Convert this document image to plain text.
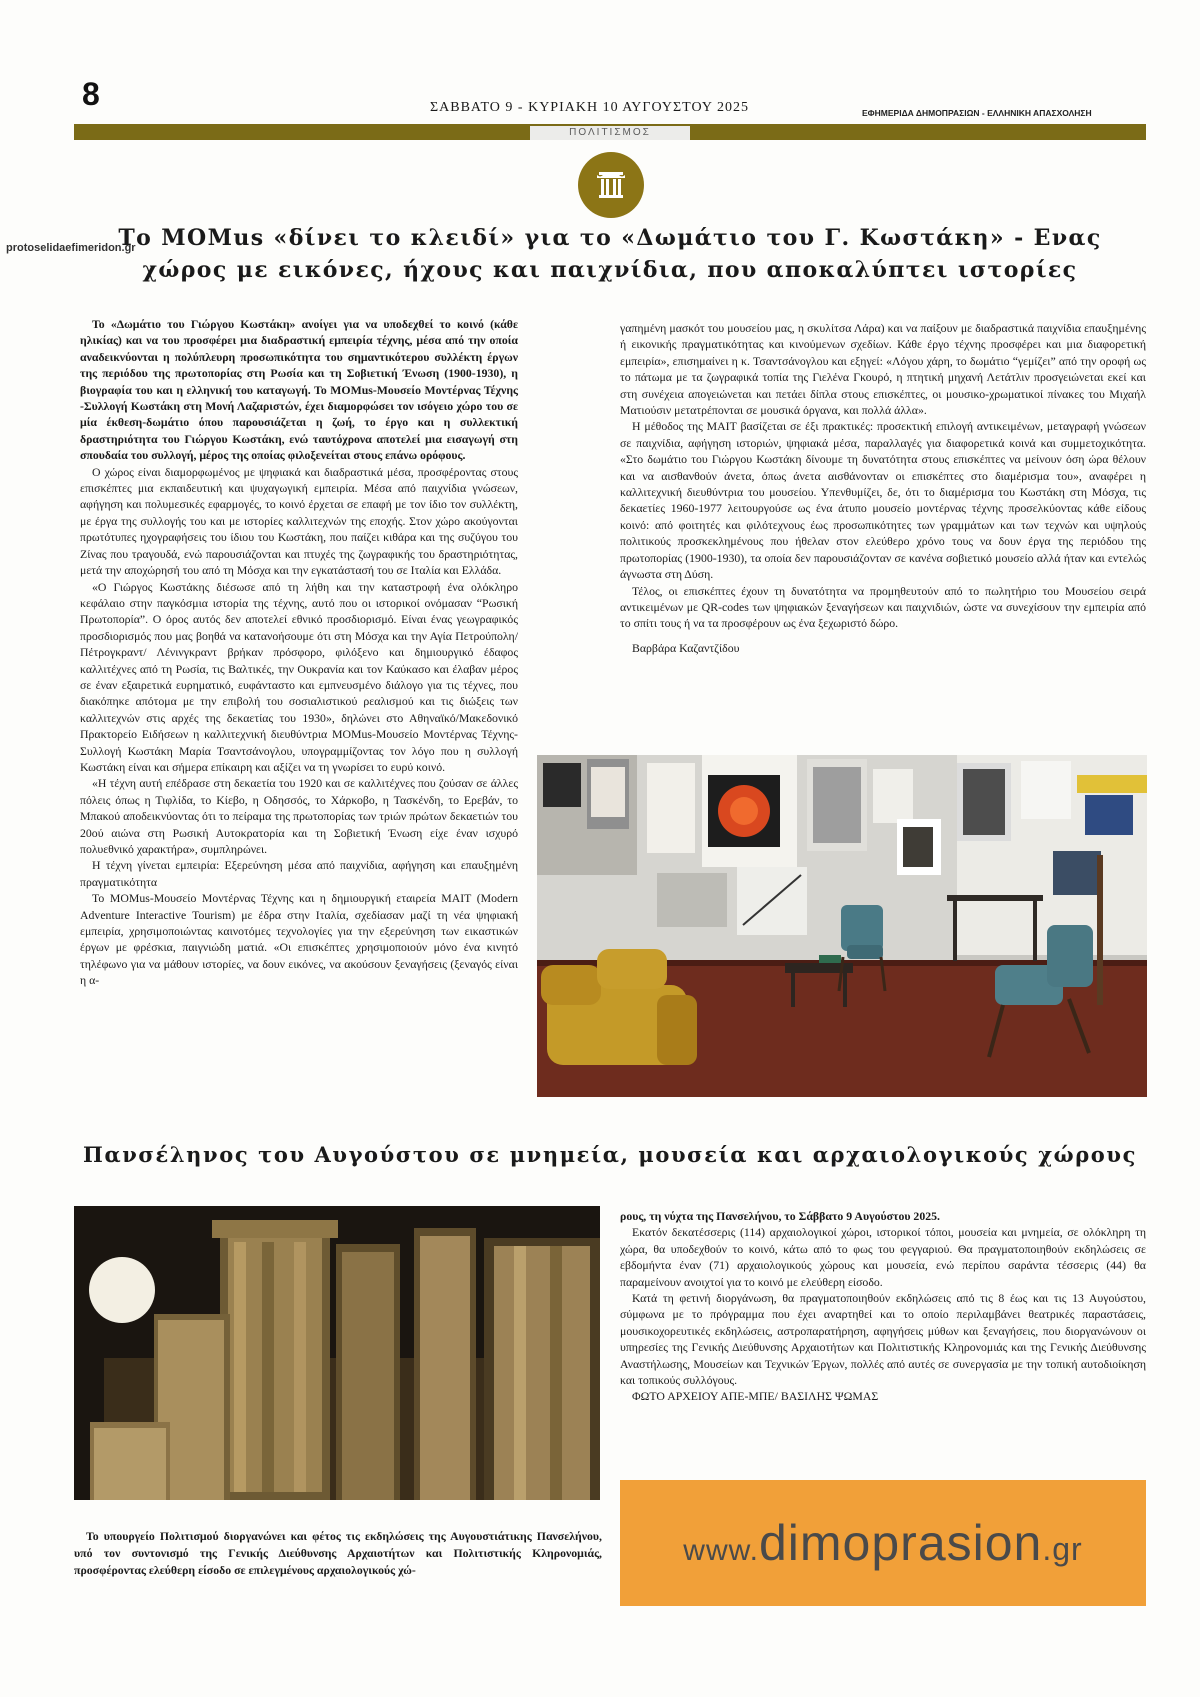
8	ΣΑΒΒΑΤΟ 9 - ΚΥΡΙΑΚΗ 10 ΑΥΓΟΥΣΤΟΥ 2025	ΕΦΗΜΕΡΙΔΑ ΔΗΜΟΠΡΑΣΙΩΝ - ΕΛΛΗΝΙΚΗ ΑΠΑΣΧΟΛΗΣΗ
ΠΟΛΙΤΙΣΜΟΣ
protoselidaefimeridon.gr
Το MOMus «δίνει το κλειδί» για το «Δωμάτιο του Γ. Κωστάκη» - Ενας χώρος με εικόνες, ήχους και παιχνίδια, που αποκαλύπτει ιστορίες

Το «Δωμάτιο του Γιώργου Κωστάκη» ανοίγει για να υποδεχθεί το κοινό (κάθε ηλικίας) και να του προσφέρει μια διαδραστική εμπειρία τέχνης, μέσα από την οποία αναδεικνύονται η πολύπλευρη προσωπικότητα του σημαντικότερου συλλέκτη έργων της περιόδου της πρωτοπορίας στη Ρωσία και τη Σοβιετική Ένωση (1900-1930), η βιογραφία του και η ελληνική του καταγωγή. Το MOMus-Μουσείο Μοντέρνας Τέχνης -Συλλογή Κωστάκη στη Μονή Λαζαριστών, έχει διαμορφώσει τον ισόγειο χώρο του σε μία έκθεση-δωμάτιο όπου παρουσιάζεται η ζωή, το έργο και η συλλεκτική δραστηριότητα του Γιώργου Κωστάκη, ενώ ταυτόχρονα αποτελεί μια εισαγωγή στη σπουδαία του συλλογή, μέρος της οποίας φιλοξενείται στους επάνω ορόφους.

Ο χώρος είναι διαμορφωμένος με ψηφιακά και διαδραστικά μέσα, προσφέροντας στους επισκέπτες μια εκπαιδευτική και ψυχαγωγική εμπειρία. Μέσα από παιχνίδια γνώσεων, αφήγηση και πολυμεσικές εφαρμογές, το κοινό έρχεται σε επαφή με τον ίδιο τον συλλέκτη, με έργα της συλλογής του και με ιστορίες καλλιτεχνών της εποχής. Στον χώρο ακούγονται πρωτότυπες ηχογραφήσεις του ίδιου του Κωστάκη, που παίζει κιθάρα και της συζύγου του Ζίνας που τραγουδά, ενώ παρουσιάζονται και πτυχές της ζωγραφικής του δραστηριότητας, μετά την αποχώρησή του από τη Μόσχα και την εγκατάστασή του σε Ιταλία και Ελλάδα.

«Ο Γιώργος Κωστάκης διέσωσε από τη λήθη και την καταστροφή ένα ολόκληρο κεφάλαιο στην παγκόσμια ιστορία της τέχνης, αυτό που οι ιστορικοί ονόμασαν “Ρωσική Πρωτοπορία”. Ο όρος αυτός δεν αποτελεί εθνικό προσδιορισμό. Είναι ένας γεωγραφικός προσδιορισμός που μας βοηθά να κατανοήσουμε ότι στη Μόσχα και την Αγία Πετρούπολη/ Πέτρογκραντ/ Λένινγκραντ βρήκαν πρόσφορο, φιλόξενο και δημιουργικό έδαφος καλλιτέχνες από τη Ρωσία, τις Βαλτικές, την Ουκρανία και τον Καύκασο και έλαβαν μέρος σε έναν εξαιρετικά ευρηματικό, ευφάνταστο και εμπνευσμένο διάλογο για τις τέχνες, που διακόπηκε απότομα με την επιβολή του σοσιαλιστικού ρεαλισμού και τις διώξεις των καλλιτεχνών στις αρχές της δεκαετίας του 1930», δηλώνει στο Αθηναϊκό/Μακεδονικό Πρακτορείο Ειδήσεων η καλλιτεχνική διευθύντρια MOMus-Μουσείο Μοντέρνας Τέχνης-Συλλογή Κωστάκη Μαρία Τσαντσάνογλου, υπογραμμίζοντας τον λόγο που η συλλογή Κωστάκη είναι και σήμερα επίκαιρη και αξίζει να τη γνωρίσει το ευρύ κοινό.

«Η τέχνη αυτή επέδρασε στη δεκαετία του 1920 και σε καλλιτέχνες που ζούσαν σε άλλες πόλεις όπως η Τιφλίδα, το Κίεβο, η Οδησσός, το Χάρκοβο, η Τασκένδη, το Ερεβάν, το Μπακού αποδεικνύοντας ότι το πείραμα της πρωτοπορίας των τριών πρώτων δεκαετιών του 20ού αιώνα στη Ρωσική Αυτοκρατορία και τη Σοβιετική Ένωση είχε έναν ισχυρό πολυεθνικό χαρακτήρα», συμπληρώνει.

Η τέχνη γίνεται εμπειρία: Εξερεύνηση μέσα από παιχνίδια, αφήγηση και επαυξημένη πραγματικότητα

Το MOMus-Μουσείο Μοντέρνας Τέχνης και η δημιουργική εταιρεία MAIT (Modern Adventure Interactive Tourism) με έδρα στην Ιταλία, σχεδίασαν μαζί τη νέα ψηφιακή εμπειρία, χρησιμοποιώντας καινοτόμες τεχνολογίες για την εξερεύνηση των εικαστικών έργων με φρέσκια, παιγνιώδη ματιά. «Οι επισκέπτες χρησιμοποιούν μόνο ένα κινητό τηλέφωνο για να μάθουν ιστορίες, να δουν εικόνες, να ακούσουν ξεναγήσεις (ξεναγός είναι η α-

γαπημένη μασκότ του μουσείου μας, η σκυλίτσα Λάρα) και να παίξουν με διαδραστικά παιχνίδια επαυξημένης ή εικονικής πραγματικότητας και κινούμενων σχεδίων. Κάθε έργο τέχνης προσφέρει και μια διαφορετική εμπειρία», επισημαίνει η κ. Τσαντσάνογλου και εξηγεί: «Λόγου χάρη, το δωμάτιο “γεμίζει” από την οροφή ως το πάτωμα με τα ζωγραφικά τοπία της Γιελένα Γκουρό, η πτητική μηχανή Λετάτλιν προσγειώνεται εκεί και στη συνέχεια απογειώνεται και πετάει δίπλα στους επισκέπτες, οι μουσικο-χρωματικοί πίνακες του Μιχαήλ Ματιούσιν μετατρέπονται σε μουσικά όργανα, και πολλά άλλα».

Η μέθοδος της MAIT βασίζεται σε έξι πρακτικές: προσεκτική επιλογή αντικειμένων, μεταγραφή γνώσεων σε παιχνίδια, αφήγηση ιστοριών, ψηφιακά μέσα, παραλλαγές για διαφορετικά κοινά και συμμετοχικότητα. «Στο δωμάτιο του Γιώργου Κωστάκη δίνουμε τη δυνατότητα στους επισκέπτες να μείνουν όση ώρα θέλουν και να αισθανθούν άνετα, όπως άνετα αισθάνονταν οι επισκέπτες στο διαμέρισμα του», αναφέρει η καλλιτεχνική διευθύντρια του μουσείου. Υπενθυμίζει, δε, ότι το διαμέρισμα του Κωστάκη στη Μόσχα, τις δεκαετίες 1960-1977 λειτουργούσε ως ένα άτυπο μουσείο μοντέρνας τέχνης προσελκύοντας κάθε είδους κοινό: από φοιτητές και φιλότεχνους έως προσωπικότητες των γραμμάτων και των τεχνών και υψηλούς πολιτικούς προσκεκλημένους που ήθελαν στον ελεύθερο χρόνο τους να δουν έργα της περιόδου της πρωτοπορίας (1900-1930), τα οποία δεν παρουσιάζονταν σε κανένα σοβιετικό μουσείο αλλά ήταν και εντελώς άγνωστα στη Δύση.

Τέλος, οι επισκέπτες έχουν τη δυνατότητα να προμηθευτούν από το πωλητήριο του Μουσείου σειρά αντικειμένων με QR-codes των ψηφιακών ξεναγήσεων και παιχνιδιών, ώστε να συνεχίσουν την εμπειρία από το σπίτι τους ή να τα προσφέρουν ως ένα ξεχωριστό δώρο.

Βαρβάρα Καζαντζίδου

Πανσέληνος του Αυγούστου σε μνημεία, μουσεία και αρχαιολογικούς χώρους
Το υπουργείο Πολιτισμού διοργανώνει και φέτος τις εκδηλώσεις της Αυγουστιάτικης Πανσελήνου, υπό τον συντονισμό της Γενικής Διεύθυνσης Αρχαιοτήτων και Πολιτιστικής Κληρονομιάς, προσφέροντας ελεύθερη είσοδο σε επιλεγμένους αρχαιολογικούς χώ-

ρους, τη νύχτα της Πανσελήνου, το Σάββατο 9 Αυγούστου 2025.

Εκατόν δεκατέσσερις (114) αρχαιολογικοί χώροι, ιστορικοί τόποι, μουσεία και μνημεία, σε ολόκληρη τη χώρα, θα υποδεχθούν το κοινό, κάτω από το φως του φεγγαριού. Θα πραγματοποιηθούν εκδηλώσεις σε εβδομήντα έναν (71) αρχαιολογικούς χώρους και μουσεία, ενώ περίπου σαράντα τέσσερις (44) θα παραμείνουν ανοιχτοί για το κοινό με ελεύθερη είσοδο.

Κατά τη φετινή διοργάνωση, θα πραγματοποιηθούν εκδηλώσεις από τις 8 έως και τις 13 Αυγούστου, σύμφωνα με το πρόγραμμα που έχει αναρτηθεί και το οποίο περιλαμβάνει θεατρικές παραστάσεις, μουσικοχορευτικές εκδηλώσεις, αστροπαρατήρηση, αφηγήσεις μύθων και ξεναγήσεις, που διοργανώνουν οι υπηρεσίες της Γενικής Διεύθυνσης Αρχαιοτήτων και Πολιτιστικής Κληρονομιάς και της Γενικής Διεύθυνσης Αναστήλωσης, Μουσείων και Τεχνικών Έργων, πολλές από αυτές σε συνεργασία με την τοπική αυτοδιοίκηση και τοπικούς συλλόγους.

ΦΩΤΟ ΑΡΧΕΙΟΥ ΑΠΕ-ΜΠΕ/ ΒΑΣΙΛΗΣ ΨΩΜΑΣ

www.dimoprasion.gr
